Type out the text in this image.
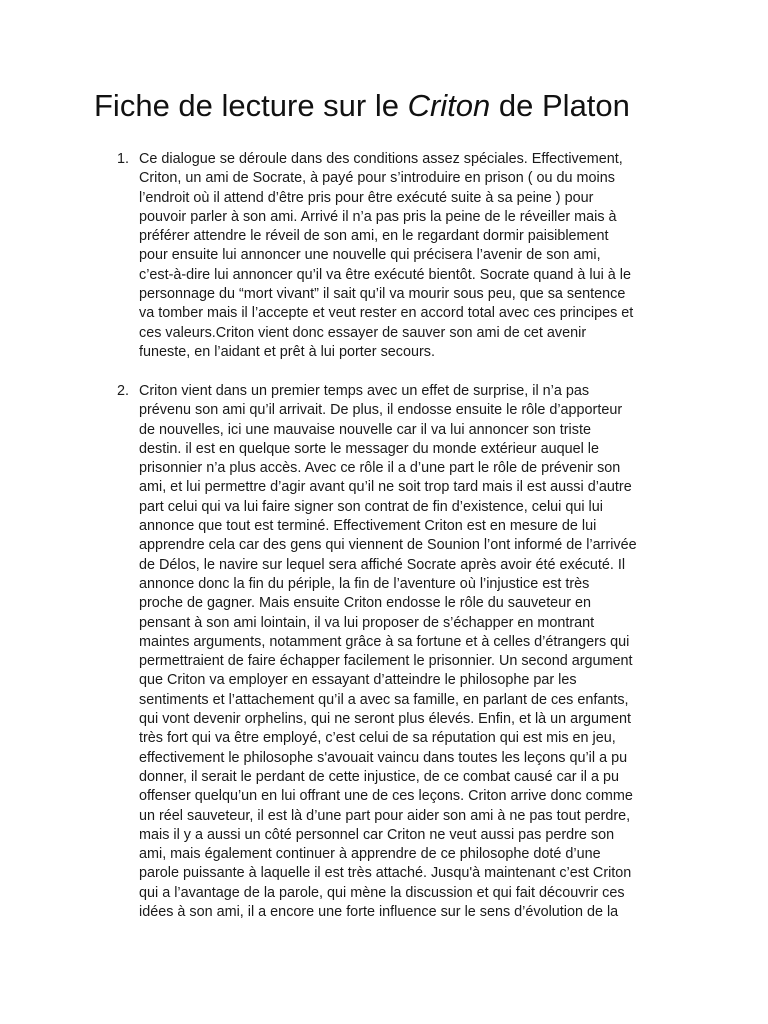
Fiche de lecture sur le Criton de Platon
1. Ce dialogue se déroule dans des conditions assez spéciales. Effectivement,
Criton, un ami de Socrate, à payé pour s’introduire en prison ( ou du moins
l’endroit où il attend d’être pris pour être exécuté suite à sa peine ) pour
pouvoir parler à son ami. Arrivé il n’a pas pris la peine de le réveiller mais à
préférer attendre le réveil de son ami, en le regardant dormir paisiblement
pour ensuite lui annoncer une nouvelle qui précisera l’avenir de son ami,
c’est-à-dire lui annoncer qu’il va être exécuté bientôt. Socrate quand à lui à le
personnage du “mort vivant” il sait qu’il va mourir sous peu, que sa sentence
va tomber mais il l’accepte et veut rester en accord total avec ces principes et
ces valeurs.Criton vient donc essayer de sauver son ami de cet avenir
funeste, en l’aidant et prêt à lui porter secours.
2. Criton vient dans un premier temps avec un effet de surprise, il n’a pas
prévenu son ami qu’il arrivait. De plus, il endosse ensuite le rôle d’apporteur
de nouvelles, ici une mauvaise nouvelle car il va lui annoncer son triste
destin. il est en quelque sorte le messager du monde extérieur auquel le
prisonnier n’a plus accès. Avec ce rôle il a d’une part le rôle de prévenir son
ami, et lui permettre d’agir avant qu’il ne soit trop tard mais il est aussi d’autre
part celui qui va lui faire signer son contrat de fin d’existence, celui qui lui
annonce que tout est terminé. Effectivement Criton est en mesure de lui
apprendre cela car des gens qui viennent de Sounion l’ont informé de l’arrivée
de Délos, le navire sur lequel sera affiché Socrate après avoir été exécuté. Il
annonce donc la fin du périple, la fin de l’aventure où l’injustice est très
proche de gagner. Mais ensuite Criton endosse le rôle du sauveteur en
pensant à son ami lointain, il va lui proposer de s’échapper en montrant
maintes arguments, notamment grâce à sa fortune et à celles d’étrangers qui
permettraient de faire échapper facilement le prisonnier. Un second argument
que Criton va employer en essayant d’atteindre le philosophe par les
sentiments et l’attachement qu’il a avec sa famille, en parlant de ces enfants,
qui vont devenir orphelins, qui ne seront plus élevés. Enfin, et là un argument
très fort qui va être employé, c’est celui de sa réputation qui est mis en jeu,
effectivement le philosophe s'avouait vaincu dans toutes les leçons qu’il a pu
donner, il serait le perdant de cette injustice, de ce combat causé car il a pu
offenser quelqu’un en lui offrant une de ces leçons. Criton arrive donc comme
un réel sauveteur, il est là d’une part pour aider son ami à ne pas tout perdre,
mais il y a aussi un côté personnel car Criton ne veut aussi pas perdre son
ami, mais également continuer à apprendre de ce philosophe doté d’une
parole puissante à laquelle il est très attaché. Jusqu'à maintenant c’est Criton
qui a l’avantage de la parole, qui mène la discussion et qui fait découvrir ces
idées à son ami, il a encore une forte influence sur le sens d’évolution de la
